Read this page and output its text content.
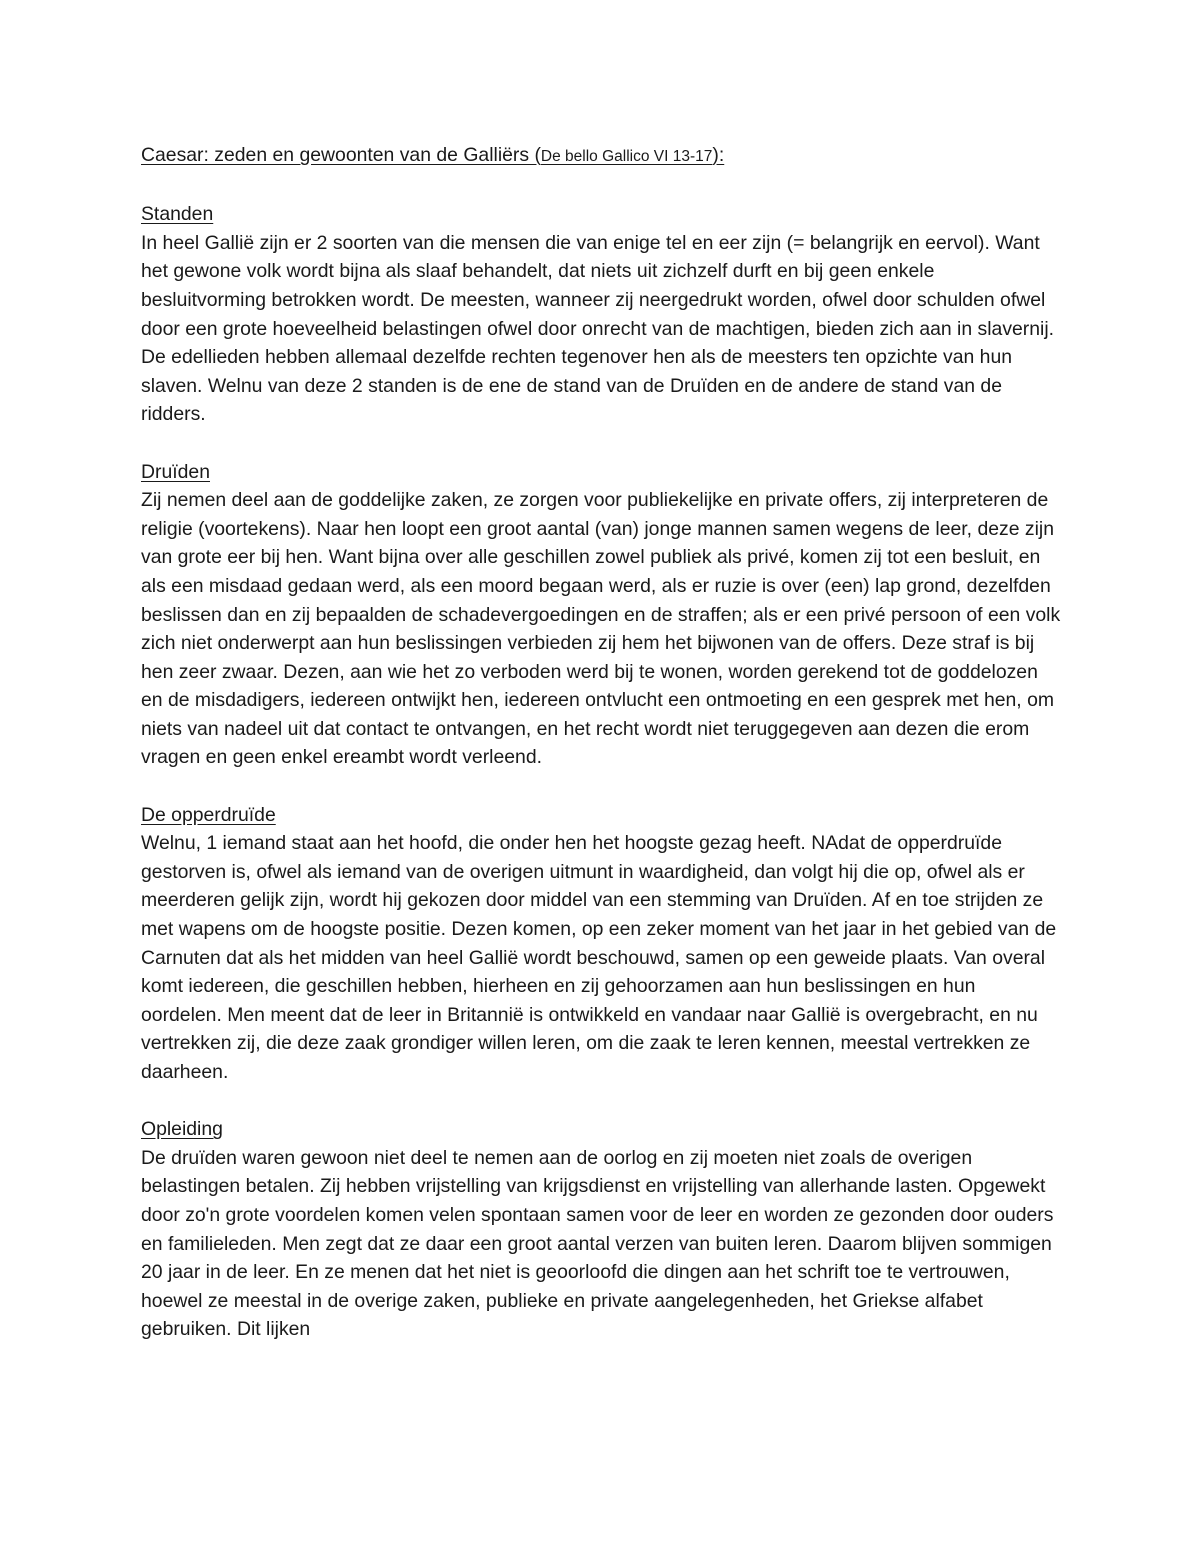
Caesar: zeden en gewoonten van de Galliërs (De bello Gallico VI 13-17):
Standen

In heel Gallië zijn er 2 soorten van die mensen die van enige tel en eer zijn (= belangrijk en eervol). Want het gewone volk wordt bijna als slaaf behandelt, dat niets uit zichzelf durft en bij geen enkele besluitvorming betrokken wordt. De meesten, wanneer zij neergedrukt worden, ofwel door schulden ofwel door een grote hoeveelheid belastingen ofwel door onrecht van de machtigen, bieden zich aan in slavernij. De edellieden hebben allemaal dezelfde rechten tegenover hen als de meesters ten opzichte van hun slaven. Welnu van deze 2 standen is de ene de stand van de Druïden en de andere de stand van de ridders.

Druïden

Zij nemen deel aan de goddelijke zaken, ze zorgen voor publiekelijke en private offers, zij interpreteren de religie (voortekens). Naar hen loopt een groot aantal (van) jonge mannen samen wegens de leer, deze zijn van grote eer bij hen. Want bijna over alle geschillen zowel publiek als privé, komen zij tot een besluit, en als een misdaad gedaan werd, als een moord begaan werd, als er ruzie is over (een) lap grond, dezelfden beslissen dan en zij bepaalden de schadevergoedingen en de straffen; als er een privé persoon of een volk zich niet onderwerpt aan hun beslissingen verbieden zij hem het bijwonen van de offers. Deze straf is bij hen zeer zwaar. Dezen, aan wie het zo verboden werd bij te wonen, worden gerekend tot de goddelozen en de misdadigers, iedereen ontwijkt hen, iedereen ontvlucht een ontmoeting en een gesprek met hen, om niets van nadeel uit dat contact te ontvangen, en het recht wordt niet teruggegeven aan dezen die erom vragen en geen enkel ereambt wordt verleend.

De opperdruïde

Welnu, 1 iemand staat aan het hoofd, die onder hen het hoogste gezag heeft. NAdat de opperdruïde gestorven is, ofwel als iemand van de overigen uitmunt in waardigheid, dan volgt hij die op, ofwel als er meerderen gelijk zijn, wordt hij gekozen door middel van een stemming van Druïden. Af en toe strijden ze met wapens om de hoogste positie. Dezen komen, op een zeker moment van het jaar in het gebied van de Carnuten dat als het midden van heel Gallië wordt beschouwd, samen op een geweide plaats. Van overal komt iedereen, die geschillen hebben, hierheen en zij gehoorzamen aan hun beslissingen en hun oordelen. Men meent dat de leer in Britannië is ontwikkeld en vandaar naar Gallië is overgebracht, en nu vertrekken zij, die deze zaak grondiger willen leren, om die zaak te leren kennen, meestal vertrekken ze daarheen.

Opleiding

De druïden waren gewoon niet deel te nemen aan de oorlog en zij moeten niet zoals de overigen belastingen betalen. Zij hebben vrijstelling van krijgsdienst en vrijstelling van allerhande lasten. Opgewekt door zo'n grote voordelen komen velen spontaan samen voor de leer en worden ze gezonden door ouders en familieleden. Men zegt dat ze daar een groot aantal verzen van buiten leren. Daarom blijven sommigen 20 jaar in de leer. En ze menen dat het niet is geoorloofd die dingen aan het schrift toe te vertrouwen, hoewel ze meestal in de overige zaken, publieke en private aangelegenheden, het Griekse alfabet gebruiken. Dit lijken
